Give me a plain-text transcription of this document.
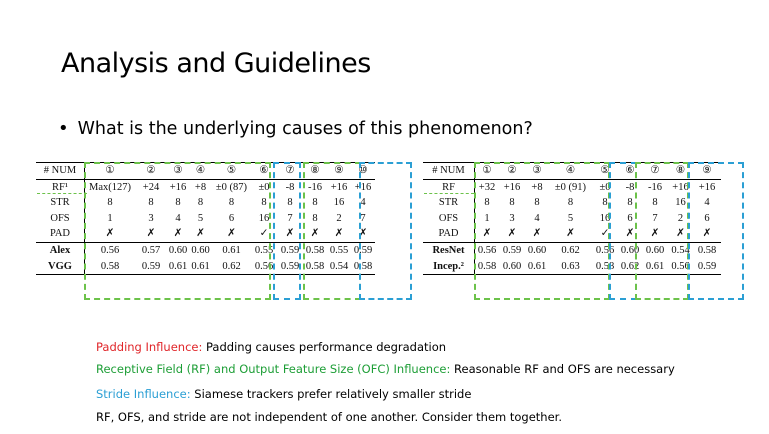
Analysis and Guidelines
• What is the underlying causes of this phenomenon?
# NUM	①	②	③	④	⑤	⑥	⑦	⑧	⑨	⑩
RF¹	Max(127)	+24	+16	+8	±0 (87)	±0	-8	-16	+16	+16
STR	8	8	8	8	8	8	8	8	16	4
OFS	1	3	4	5	6	16	7	8	2	7
PAD	✗	✗	✗	✗	✗	✓	✗	✗	✗	✗
Alex	0.56	0.57	0.60	0.60	0.61	0.55	0.59	0.58	0.55	0.59
VGG	0.58	0.59	0.61	0.61	0.62	0.56	0.59	0.58	0.54	0.58
# NUM	①	②	③	④	⑤	⑥	⑦	⑧	⑨
RF	+32	+16	+8	±0 (91)	±0	-8	-16	+16	+16
STR	8	8	8	8	8	8	8	16	4
OFS	1	3	4	5	16	6	7	2	6
PAD	✗	✗	✗	✗	✓	✗	✗	✗	✗
ResNet	0.56	0.59	0.60	0.62	0.56	0.60	0.60	0.54	0.58
Incep.²	0.58	0.60	0.61	0.63	0.58	0.62	0.61	0.56	0.59
Padding Influence: Padding causes performance degradation
Receptive Field (RF) and Output Feature Size (OFC) Influence: Reasonable RF and OFS are necessary
Stride Influence: Siamese trackers prefer relatively smaller stride
RF, OFS, and stride are not independent of one another. Consider them together.
